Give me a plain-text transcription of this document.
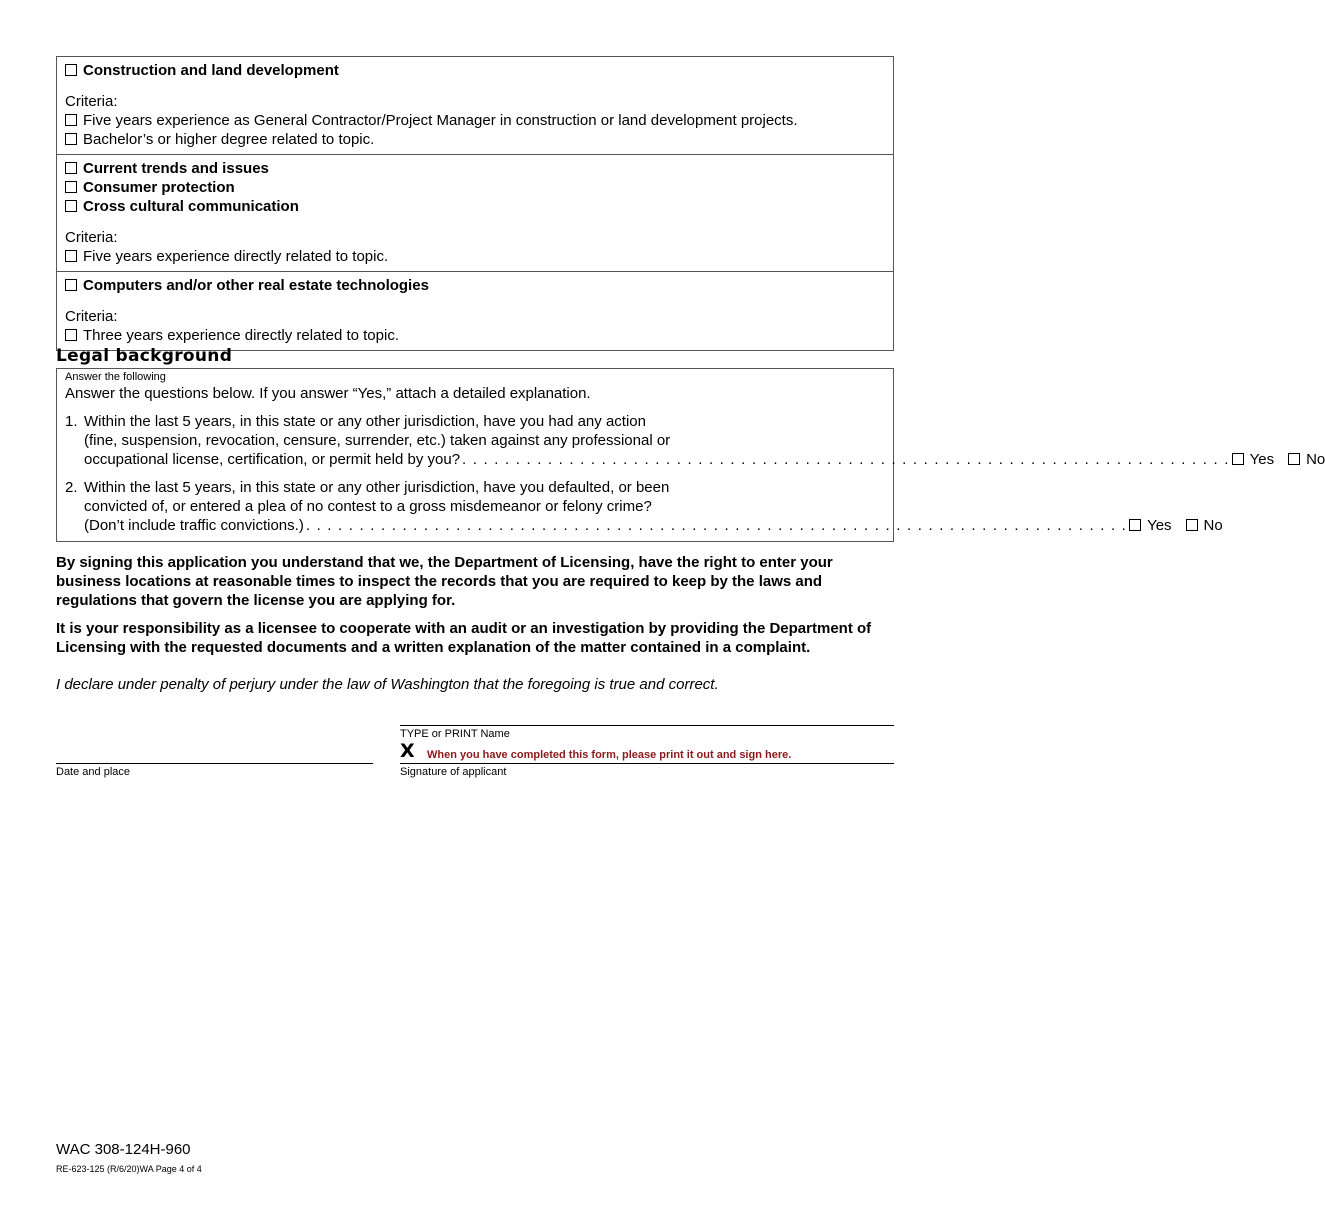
Construction and land development
Criteria:
Five years experience as General Contractor/Project Manager in construction or land development projects.
Bachelor’s or higher degree related to topic.
Current trends and issues
Consumer protection
Cross cultural communication
Criteria:
Five years experience directly related to topic.
Computers and/or other real estate technologies
Criteria:
Three years experience directly related to topic.
Legal background
Answer the following
Answer the questions below. If you answer “Yes,” attach a detailed explanation.
1. Within the last 5 years, in this state or any other jurisdiction, have you had any action
(fine, suspension, revocation, censure, surrender, etc.) taken against any professional or
occupational license, certification, or permit held by you? . . . . . . . . . . . . . . . . . . . . . . . . . . . . . . . . . . . . . . . . . . . . . . . . . . . . . . . . . . . . . . . . . . . . . . . .	Yes No
2. Within the last 5 years, in this state or any other jurisdiction, have you defaulted, or been
convicted of, or entered a plea of no contest to a gross misdemeanor or felony crime?
(Don’t include traffic convictions.) . . . . . . . . . . . . . . . . . . . . . . . . . . . . . . . . . . . . . . . . . . . . . . . . . . . . . . . . . . . . . . . . . . . . . . . . . . . . .	Yes No
By signing this application you understand that we, the Department of Licensing, have the right to enter your business locations at reasonable times to inspect the records that you are required to keep by the laws and regulations that govern the license you are applying for.
It is your responsibility as a licensee to cooperate with an audit or an investigation by providing the Department of Licensing with the requested documents and a written explanation of the matter contained in a complaint.
I declare under penalty of perjury under the law of Washington that the foregoing is true and correct.
TYPE or PRINT Name
X When you have completed this form, please print it out and sign here.
Date and place	Signature of applicant
WAC 308-124H-960
RE-623-125 (R/6/20)WA Page 4 of 4
